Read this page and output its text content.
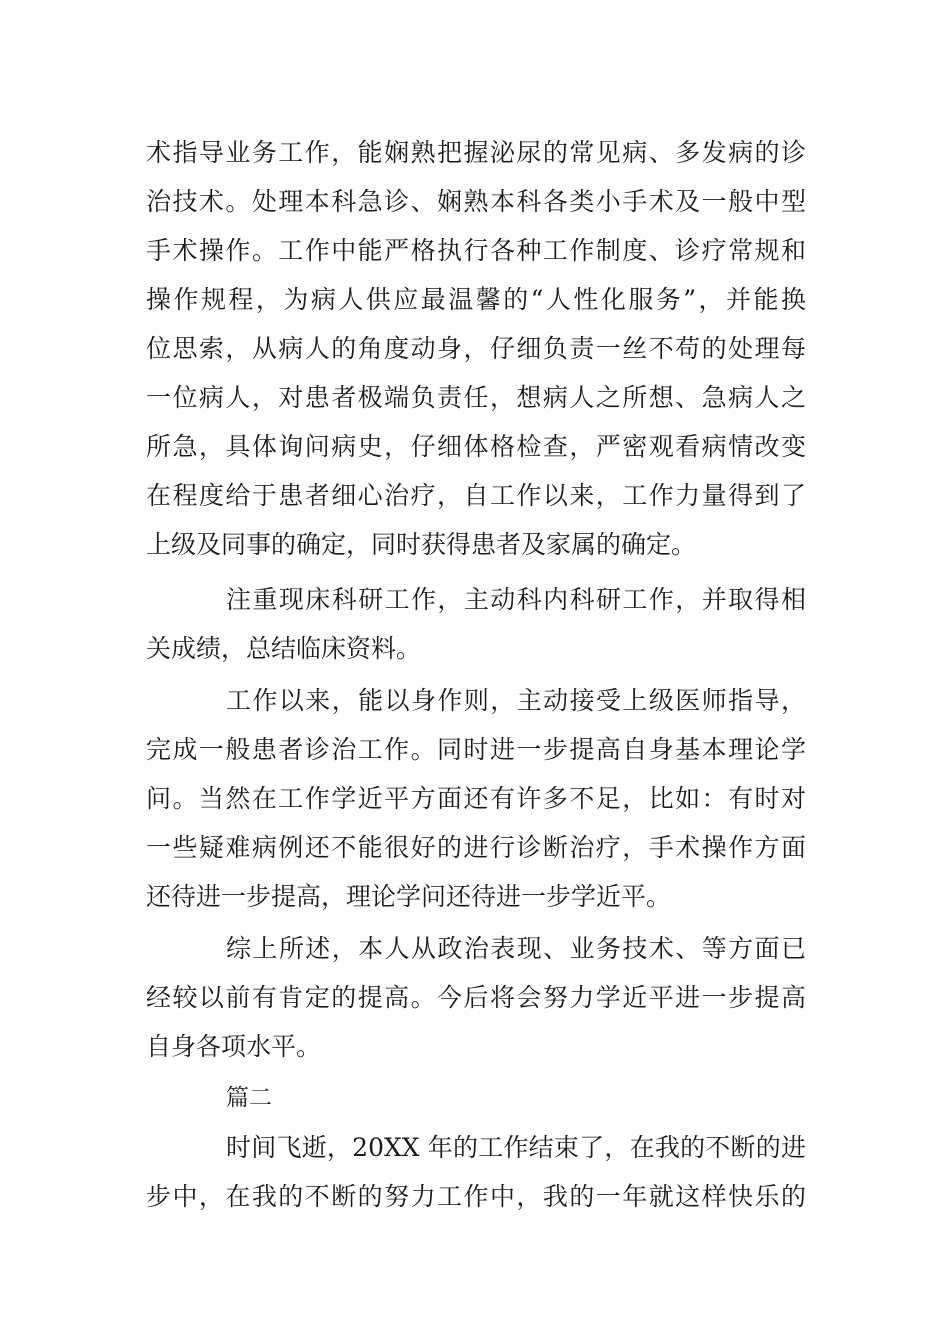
术指导业务工作，能娴熟把握泌尿的常见病、多发病的诊
治技术。处理本科急诊、娴熟本科各类小手术及一般中型
手术操作。工作中能严格执行各种工作制度、诊疗常规和
操作规程，为病人供应最温馨的“人性化服务”，并能换
位思索，从病人的角度动身，仔细负责一丝不苟的处理每
一位病人，对患者极端负责任，想病人之所想、急病人之
所急，具体询问病史，仔细体格检查，严密观看病情改变
在程度给于患者细心治疗，自工作以来，工作力量得到了
上级及同事的确定，同时获得患者及家属的确定。
注重现床科研工作，主动科内科研工作，并取得相
关成绩，总结临床资料。
工作以来，能以身作则，主动接受上级医师指导，
完成一般患者诊治工作。同时进一步提高自身基本理论学
问。当然在工作学近平方面还有许多不足，比如：有时对
一些疑难病例还不能很好的进行诊断治疗，手术操作方面
还待进一步提高，理论学问还待进一步学近平。
综上所述，本人从政治表现、业务技术、等方面已
经较以前有肯定的提高。今后将会努力学近平进一步提高
自身各项水平。
篇二
时间飞逝，20XX 年的工作结束了，在我的不断的进
步中，在我的不断的努力工作中，我的一年就这样快乐的
